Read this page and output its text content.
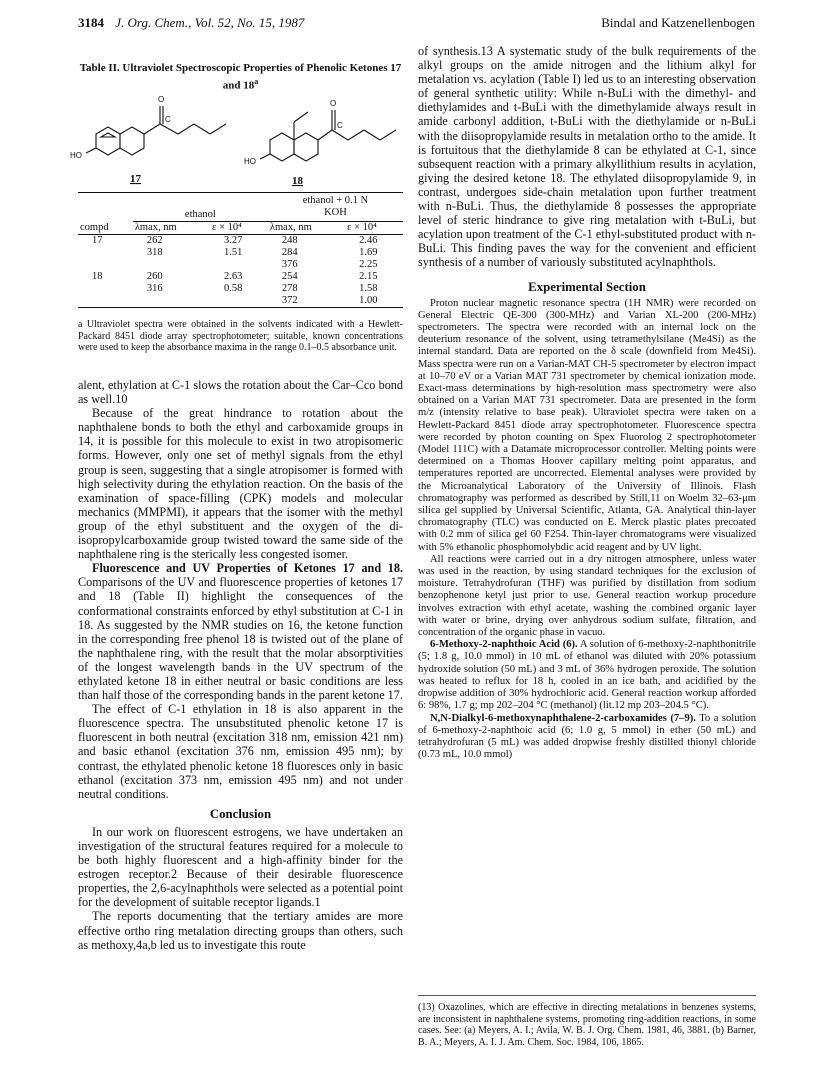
3184 J. Org. Chem., Vol. 52, No. 15, 1987	Bindal and Katzenellenbogen
Table II. Ultraviolet Spectroscopic Properties of Phenolic Ketones 17 and 18$^a$
O
C
HO
O
C
HO
17	18
	ethanol		ethanol + 0.1 N
KOH	
compd	λmax, nm	ε × 10⁴	λmax, nm	ε × 10⁴
17	262	3.27	248	2.46
	318	1.51	284	1.69
			376	2.25
18	260	2.63	254	2.15
	316	0.58	278	1.58
			372	1.00
a Ultraviolet spectra were obtained in the solvents indicated with a Hewlett-Packard 8451 diode array spectrophotometer; suitable, known concentrations were used to keep the absorbance maxima in the range 0.1–0.5 absorbance unit.

alent, ethylation at C-1 slows the rotation about the Car–Cco bond as well.10

Because of the great hindrance to rotation about the naphthalene bonds to both the ethyl and carboxamide groups in 14, it is possible for this molecule to exist in two atropisomeric forms. However, only one set of methyl signals from the ethyl group is seen, suggesting that a single atropisomer is formed with high selectivity during the ethylation reaction. On the basis of the examination of space-filling (CPK) models and molecular mechanics (MMPMI), it appears that the isomer with the methyl group of the ethyl substituent and the oxygen of the di-isopropylcarboxamide group twisted toward the same side of the naphthalene ring is the sterically less congested isomer.

Fluorescence and UV Properties of Ketones 17 and 18. Comparisons of the UV and fluorescence properties of ketones 17 and 18 (Table II) highlight the consequences of the conformational constraints enforced by ethyl substitution at C-1 in 18. As suggested by the NMR studies on 16, the ketone function in the corresponding free phenol 18 is twisted out of the plane of the naphthalene ring, with the result that the molar absorptivities of the longest wavelength bands in the UV spectrum of the ethylated ketone 18 in either neutral or basic conditions are less than half those of the corresponding bands in the parent ketone 17.

The effect of C-1 ethylation in 18 is also apparent in the fluorescence spectra. The unsubstituted phenolic ketone 17 is fluorescent in both neutral (excitation 318 nm, emission 421 nm) and basic ethanol (excitation 376 nm, emission 495 nm); by contrast, the ethylated phenolic ketone 18 fluoresces only in basic ethanol (excitation 373 nm, emission 495 nm) and not under neutral conditions.

Conclusion

In our work on fluorescent estrogens, we have undertaken an investigation of the structural features required for a molecule to be both highly fluorescent and a high-affinity binder for the estrogen receptor.2 Because of their desirable fluorescence properties, the 2,6-acylnaphthols were selected as a potential point for the development of suitable receptor ligands.1

The reports documenting that the tertiary amides are more effective ortho ring metalation directing groups than others, such as methoxy,4a,b led us to investigate this route

of synthesis.13 A systematic study of the bulk requirements of the alkyl groups on the amide nitrogen and the lithium alkyl for metalation vs. acylation (Table I) led us to an interesting observation of general synthetic utility: While n-BuLi with the dimethyl- and diethylamides and t-BuLi with the dimethylamide always result in amide carbonyl addition, t-BuLi with the diethylamide or n-BuLi with the diisopropylamide results in metalation ortho to the amide. It is fortuitous that the diethylamide 8 can be ethylated at C-1, since subsequent reaction with a primary alkyllithium results in acylation, giving the desired ketone 18. The ethylated diisopropylamide 9, in contrast, undergoes side-chain metalation upon further treatment with n-BuLi. Thus, the diethylamide 8 possesses the appropriate level of steric hindrance to give ring metalation with t-BuLi, but acylation upon treatment of the C-1 ethyl-substituted product with n-BuLi. This finding paves the way for the convenient and efficient synthesis of a number of variously substituted acylnaphthols.

Experimental Section

Proton nuclear magnetic resonance spectra (1H NMR) were recorded on General Electric QE-300 (300-MHz) and Varian XL-200 (200-MHz) spectrometers. The spectra were recorded with an internal lock on the deuterium resonance of the solvent, using tetramethylsilane (Me4Si) as the internal standard. Data are reported on the δ scale (downfield from Me4Si). Mass spectra were run on a Varian-MAT CH-5 spectrometer by electron impact at 10–70 eV or a Varian MAT 731 spectrometer by chemical ionization mode. Exact-mass determinations by high-resolution mass spectrometry were also obtained on a Varian MAT 731 spectrometer. Data are presented in the form m/z (intensity relative to base peak). Ultraviolet spectra were taken on a Hewlett-Packard 8451 diode array spectrophotometer. Fluorescence spectra were recorded by photon counting on Spex Fluorolog 2 spectrophotometer (Model 111C) with a Datamate microprocessor controller. Melting points were determined on a Thomas Hoover capillary melting point apparatus, and temperatures reported are uncorrected. Elemental analyses were provided by the Microanalytical Laboratory of the University of Illinois. Flash chromatography was performed as described by Still,11 on Woelm 32–63-μm silica gel supplied by Universal Scientific, Atlanta, GA. Analytical thin-layer chromatography (TLC) was conducted on E. Merck plastic plates precoated with 0.2 mm of silica gel 60 F254. Thin-layer chromatograms were visualized with 5% ethanolic phosphomolybdic acid reagent and by UV light.

All reactions were carried out in a dry nitrogen atmosphere, unless water was used in the reaction, by using standard techniques for the exclusion of moisture. Tetrahydrofuran (THF) was purified by distillation from sodium benzophenone ketyl just prior to use. General reaction workup procedure involves extraction with ethyl acetate, washing the combined organic layer with water or brine, drying over anhydrous sodium sulfate, filtration, and concentration of the organic phase in vacuo.

6-Methoxy-2-naphthoic Acid (6). A solution of 6-methoxy-2-naphthonitrile (5; 1.8 g, 10.0 mmol) in 10 mL of ethanol was diluted with 20% potassium hydroxide solution (50 mL) and 3 mL of 36% hydrogen peroxide. The solution was heated to reflux for 18 h, cooled in an ice bath, and acidified by the dropwise addition of 30% hydrochloric acid. General reaction workup afforded 6: 98%, 1.7 g; mp 202–204 °C (methanol) (lit.12 mp 203–204.5 °C).

N,N-Dialkyl-6-methoxynaphthalene-2-carboxamides (7–9). To a solution of 6-methoxy-2-naphthoic acid (6; 1.0 g, 5 mmol) in ether (50 mL) and tetrahydrofuran (5 mL) was added dropwise freshly distilled thionyl chloride (0.73 mL, 10.0 mmol)

(13) Oxazolines, which are effective in directing metalations in benzenes systems, are inconsistent in naphthalene systems, promoting ring-addition reactions, in some cases. See: (a) Meyers, A. I.; Avila, W. B. J. Org. Chem. 1981, 46, 3881. (b) Barner, B. A.; Meyers, A. I. J. Am. Chem. Soc. 1984, 106, 1865.
